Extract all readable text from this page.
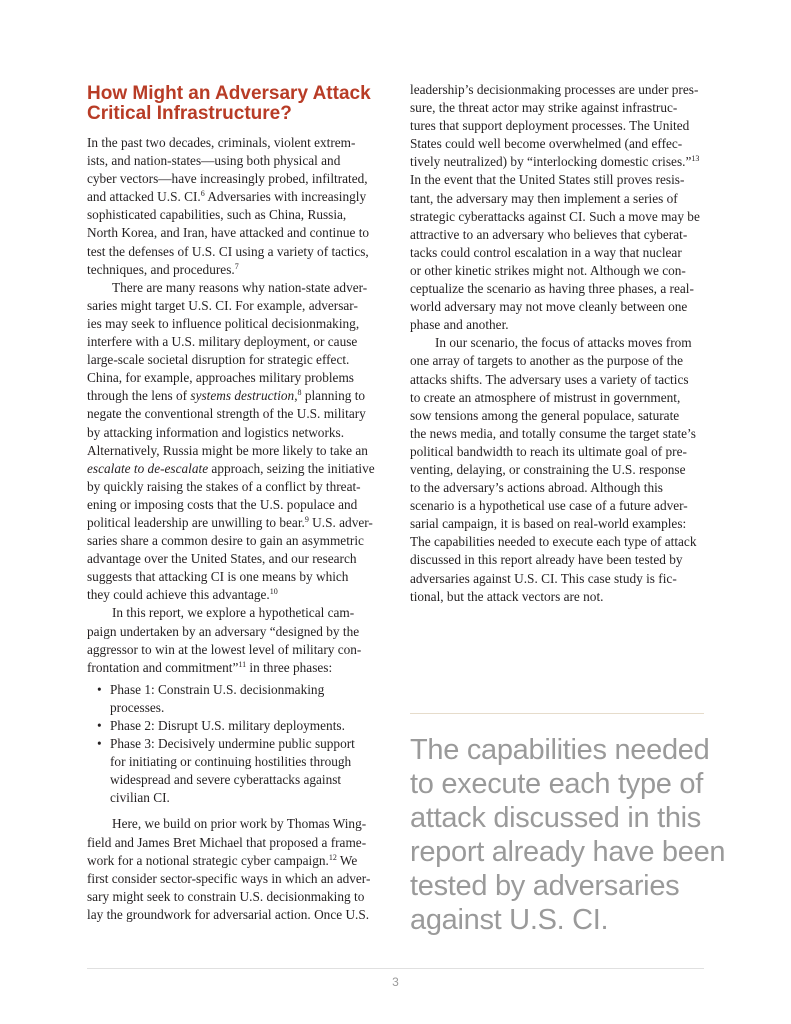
How Might an Adversary Attack
Critical Infrastructure?

In the past two decades, criminals, violent extrem-
ists, and nation-states—using both physical and
cyber vectors—have increasingly probed, infiltrated,
and attacked U.S. CI.$^6$ Adversaries with increasingly
sophisticated capabilities, such as China, Russia,
North Korea, and Iran, have attacked and continue to
test the defenses of U.S. CI using a variety of tactics,
techniques, and procedures.$^7$

There are many reasons why nation-state adver-
saries might target U.S. CI. For example, adversar-
ies may seek to influence political decisionmaking,
interfere with a U.S. military deployment, or cause
large-scale societal disruption for strategic effect.
China, for example, approaches military problems
through the lens of systems destruction,$^8$ planning to
negate the conventional strength of the U.S. military
by attacking information and logistics networks.
Alternatively, Russia might be more likely to take an
escalate to de-escalate approach, seizing the initiative
by quickly raising the stakes of a conflict by threat-
ening or imposing costs that the U.S. populace and
political leadership are unwilling to bear.$^9$ U.S. adver-
saries share a common desire to gain an asymmetric
advantage over the United States, and our research
suggests that attacking CI is one means by which
they could achieve this advantage.$^{10}$

In this report, we explore a hypothetical cam-
paign undertaken by an adversary “designed by the
aggressor to win at the lowest level of military con-
frontation and commitment”$^{11}$ in three phases:

• Phase 1: Constrain U.S. decisionmaking
processes.
• Phase 2: Disrupt U.S. military deployments.
• Phase 3: Decisively undermine public support
for initiating or continuing hostilities through
widespread and severe cyberattacks against
civilian CI.

Here, we build on prior work by Thomas Wing-
field and James Bret Michael that proposed a frame-
work for a notional strategic cyber campaign.$^{12}$ We
first consider sector-specific ways in which an adver-
sary might seek to constrain U.S. decisionmaking to
lay the groundwork for adversarial action. Once U.S.

leadership’s decisionmaking processes are under pres-
sure, the threat actor may strike against infrastruc-
tures that support deployment processes. The United
States could well become overwhelmed (and effec-
tively neutralized) by “interlocking domestic crises.”$^{13}$
In the event that the United States still proves resis-
tant, the adversary may then implement a series of
strategic cyberattacks against CI. Such a move may be
attractive to an adversary who believes that cyberat-
tacks could control escalation in a way that nuclear
or other kinetic strikes might not. Although we con-
ceptualize the scenario as having three phases, a real-
world adversary may not move cleanly between one
phase and another.

In our scenario, the focus of attacks moves from
one array of targets to another as the purpose of the
attacks shifts. The adversary uses a variety of tactics
to create an atmosphere of mistrust in government,
sow tensions among the general populace, saturate
the news media, and totally consume the target state’s
political bandwidth to reach its ultimate goal of pre-
venting, delaying, or constraining the U.S. response
to the adversary’s actions abroad. Although this
scenario is a hypothetical use case of a future adver-
sarial campaign, it is based on real-world examples:
The capabilities needed to execute each type of attack
discussed in this report already have been tested by
adversaries against U.S. CI. This case study is fic-
tional, but the attack vectors are not.

The capabilities needed
to execute each type of
attack discussed in this
report already have been
tested by adversaries
against U.S. CI.
3
